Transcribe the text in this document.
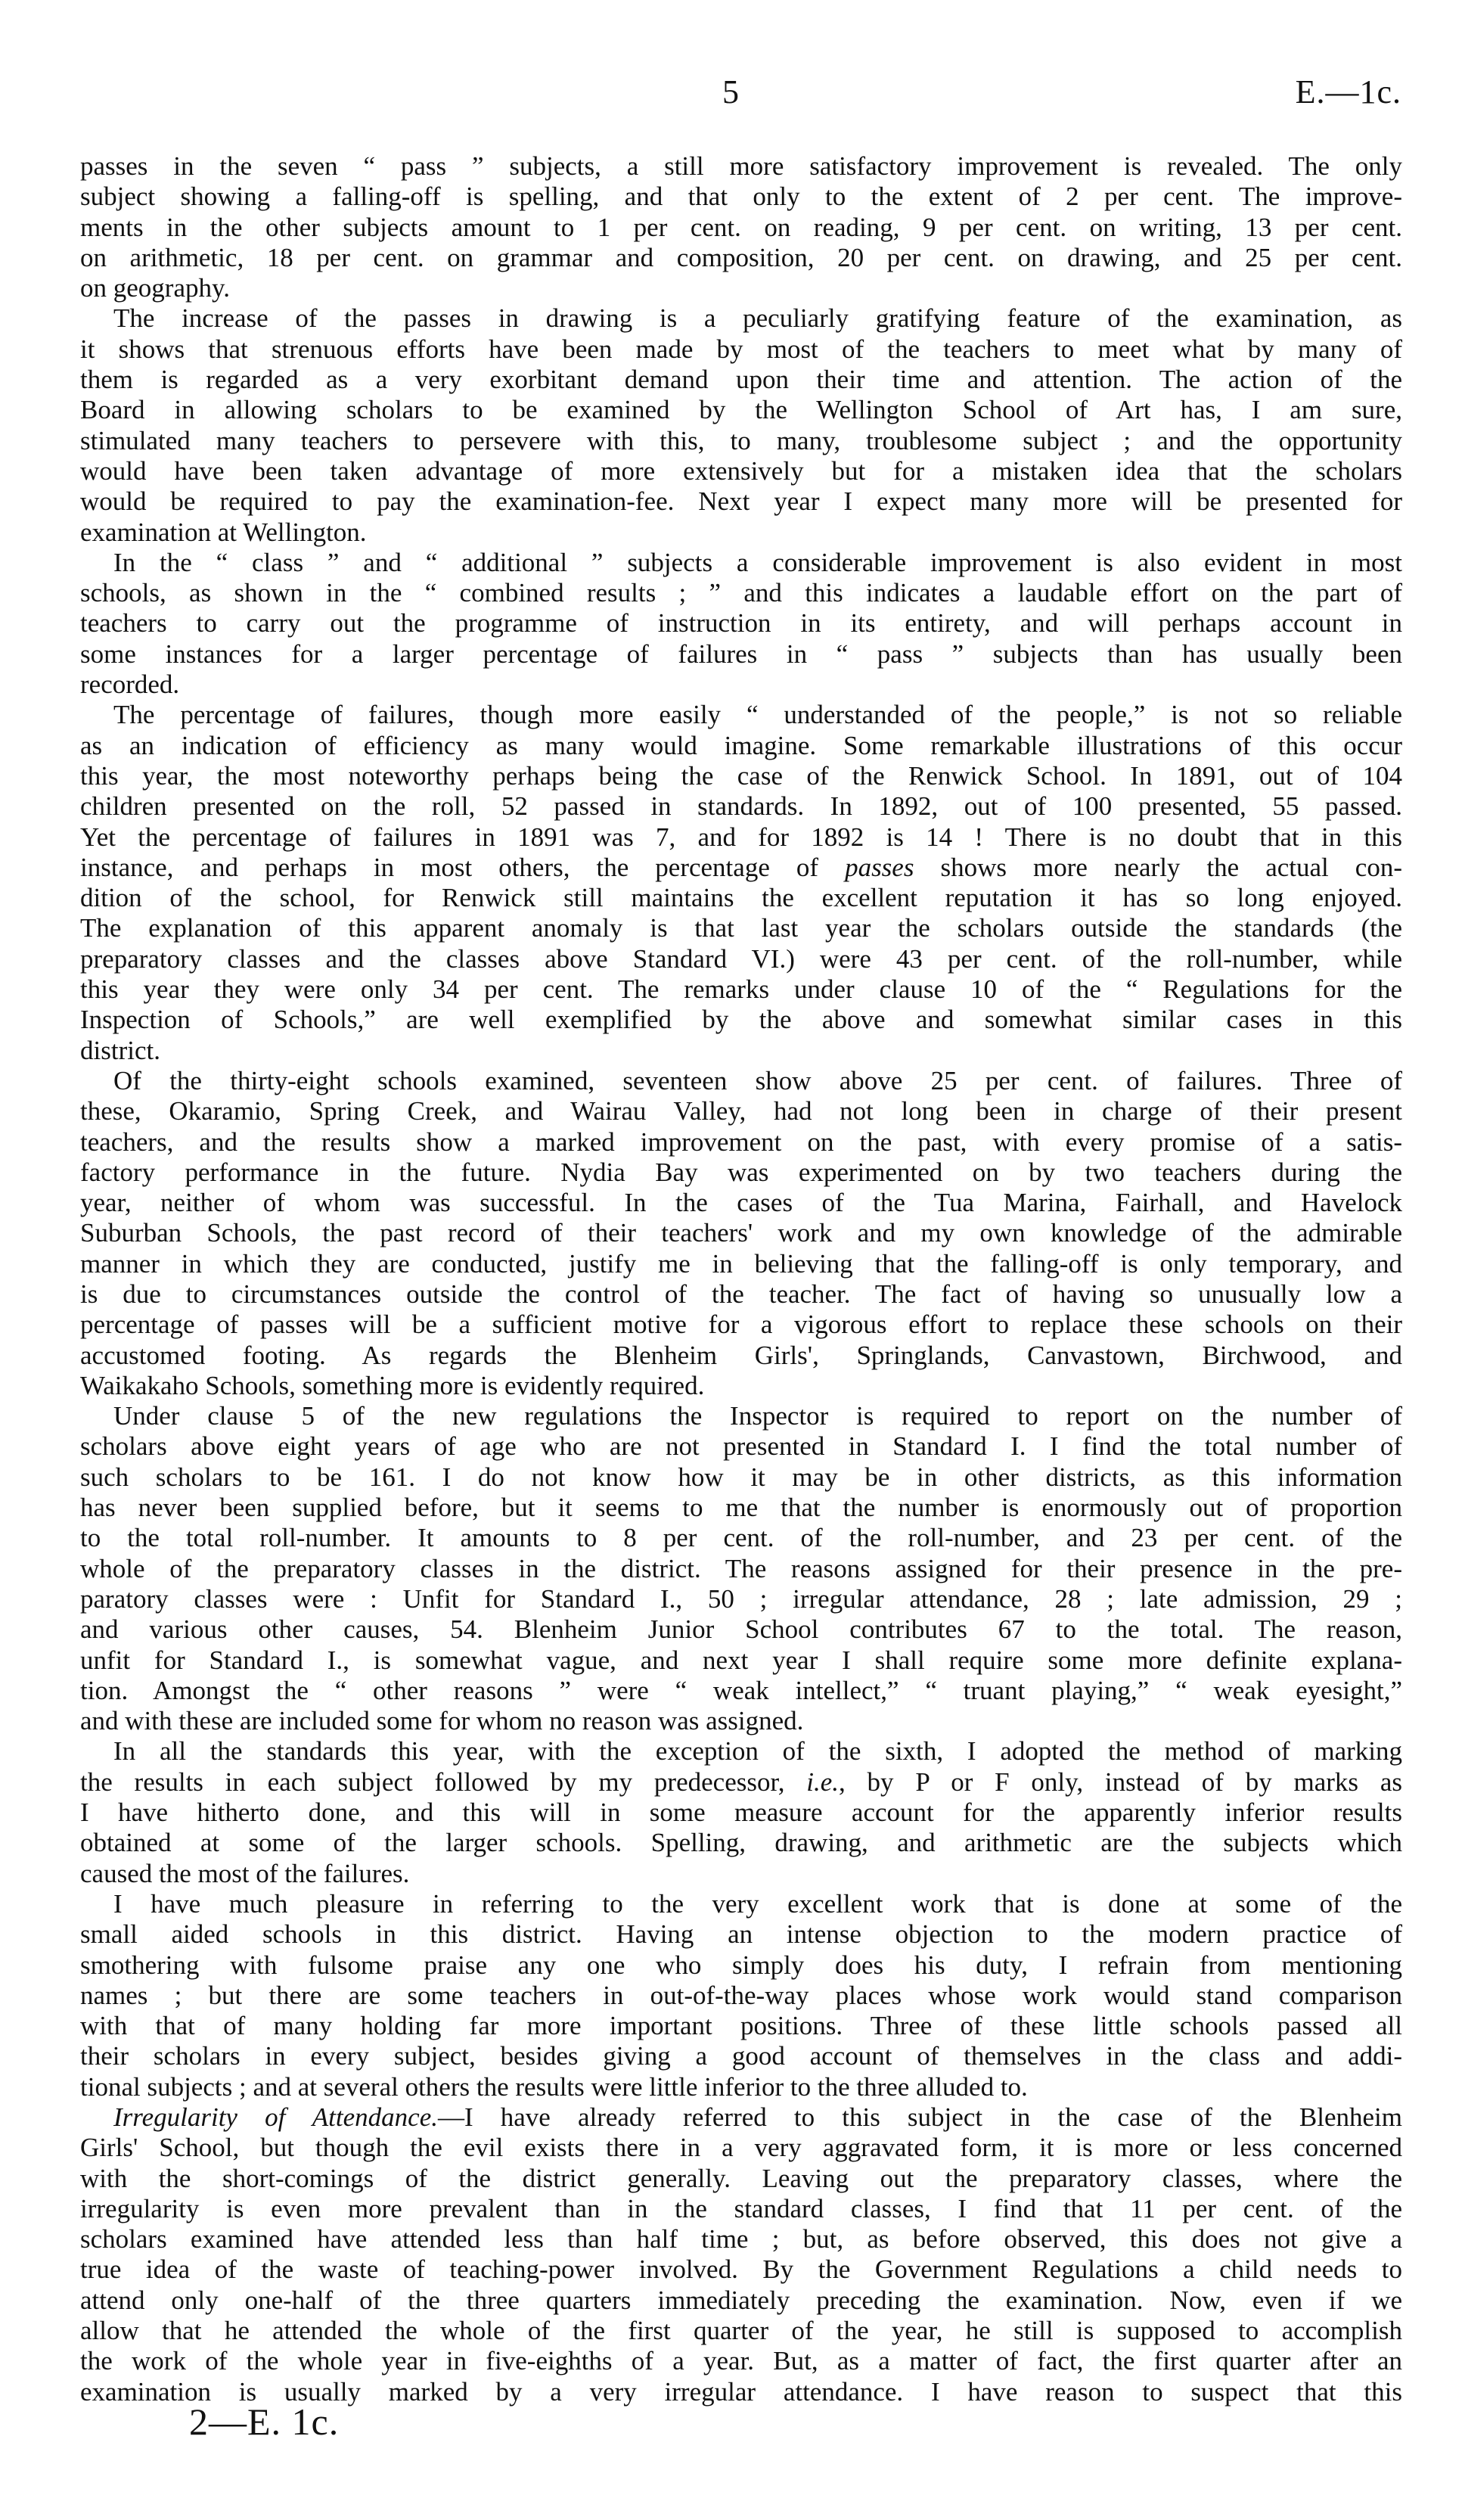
5	E.—1c.
passes in the seven “ pass ” subjects, a still more satisfactory improvement is revealed. The only
subject showing a falling-off is spelling, and that only to the extent of 2 per cent. The improve-
ments in the other subjects amount to 1 per cent. on reading, 9 per cent. on writing, 13 per cent.
on arithmetic, 18 per cent. on grammar and composition, 20 per cent. on drawing, and 25 per cent.
on geography.
The increase of the passes in drawing is a peculiarly gratifying feature of the examination, as
it shows that strenuous efforts have been made by most of the teachers to meet what by many of
them is regarded as a very exorbitant demand upon their time and attention. The action of the
Board in allowing scholars to be examined by the Wellington School of Art has, I am sure,
stimulated many teachers to persevere with this, to many, troublesome subject ; and the opportunity
would have been taken advantage of more extensively but for a mistaken idea that the scholars
would be required to pay the examination-fee. Next year I expect many more will be presented for
examination at Wellington.
In the “ class ” and “ additional ” subjects a considerable improvement is also evident in most
schools, as shown in the “ combined results ; ” and this indicates a laudable effort on the part of
teachers to carry out the programme of instruction in its entirety, and will perhaps account in
some instances for a larger percentage of failures in “ pass ” subjects than has usually been
recorded.
The percentage of failures, though more easily “ understanded of the people,” is not so reliable
as an indication of efficiency as many would imagine. Some remarkable illustrations of this occur
this year, the most noteworthy perhaps being the case of the Renwick School. In 1891, out of 104
children presented on the roll, 52 passed in standards. In 1892, out of 100 presented, 55 passed.
Yet the percentage of failures in 1891 was 7, and for 1892 is 14 ! There is no doubt that in this
instance, and perhaps in most others, the percentage of passes shows more nearly the actual con-
dition of the school, for Renwick still maintains the excellent reputation it has so long enjoyed.
The explanation of this apparent anomaly is that last year the scholars outside the standards (the
preparatory classes and the classes above Standard VI.) were 43 per cent. of the roll-number, while
this year they were only 34 per cent. The remarks under clause 10 of the “ Regulations for the
Inspection of Schools,” are well exemplified by the above and somewhat similar cases in this
district.
Of the thirty-eight schools examined, seventeen show above 25 per cent. of failures. Three of
these, Okaramio, Spring Creek, and Wairau Valley, had not long been in charge of their present
teachers, and the results show a marked improvement on the past, with every promise of a satis-
factory performance in the future. Nydia Bay was experimented on by two teachers during the
year, neither of whom was successful. In the cases of the Tua Marina, Fairhall, and Havelock
Suburban Schools, the past record of their teachers' work and my own knowledge of the admirable
manner in which they are conducted, justify me in believing that the falling-off is only temporary, and
is due to circumstances outside the control of the teacher. The fact of having so unusually low a
percentage of passes will be a sufficient motive for a vigorous effort to replace these schools on their
accustomed footing. As regards the Blenheim Girls', Springlands, Canvastown, Birchwood, and
Waikakaho Schools, something more is evidently required.
Under clause 5 of the new regulations the Inspector is required to report on the number of
scholars above eight years of age who are not presented in Standard I. I find the total number of
such scholars to be 161. I do not know how it may be in other districts, as this information
has never been supplied before, but it seems to me that the number is enormously out of proportion
to the total roll-number. It amounts to 8 per cent. of the roll-number, and 23 per cent. of the
whole of the preparatory classes in the district. The reasons assigned for their presence in the pre-
paratory classes were : Unfit for Standard I., 50 ; irregular attendance, 28 ; late admission, 29 ;
and various other causes, 54. Blenheim Junior School contributes 67 to the total. The reason,
unfit for Standard I., is somewhat vague, and next year I shall require some more definite explana-
tion. Amongst the “ other reasons ” were “ weak intellect,” “ truant playing,” “ weak eyesight,”
and with these are included some for whom no reason was assigned.
In all the standards this year, with the exception of the sixth, I adopted the method of marking
the results in each subject followed by my predecessor, i.e., by P or F only, instead of by marks as
I have hitherto done, and this will in some measure account for the apparently inferior results
obtained at some of the larger schools. Spelling, drawing, and arithmetic are the subjects which
caused the most of the failures.
I have much pleasure in referring to the very excellent work that is done at some of the
small aided schools in this district. Having an intense objection to the modern practice of
smothering with fulsome praise any one who simply does his duty, I refrain from mentioning
names ; but there are some teachers in out-of-the-way places whose work would stand comparison
with that of many holding far more important positions. Three of these little schools passed all
their scholars in every subject, besides giving a good account of themselves in the class and addi-
tional subjects ; and at several others the results were little inferior to the three alluded to.
Irregularity of Attendance.—I have already referred to this subject in the case of the Blenheim
Girls' School, but though the evil exists there in a very aggravated form, it is more or less concerned
with the short-comings of the district generally. Leaving out the preparatory classes, where the
irregularity is even more prevalent than in the standard classes, I find that 11 per cent. of the
scholars examined have attended less than half time ; but, as before observed, this does not give a
true idea of the waste of teaching-power involved. By the Government Regulations a child needs to
attend only one-half of the three quarters immediately preceding the examination. Now, even if we
allow that he attended the whole of the first quarter of the year, he still is supposed to accomplish
the work of the whole year in five-eighths of a year. But, as a matter of fact, the first quarter after an
examination is usually marked by a very irregular attendance. I have reason to suspect that this
2—E. 1c.
